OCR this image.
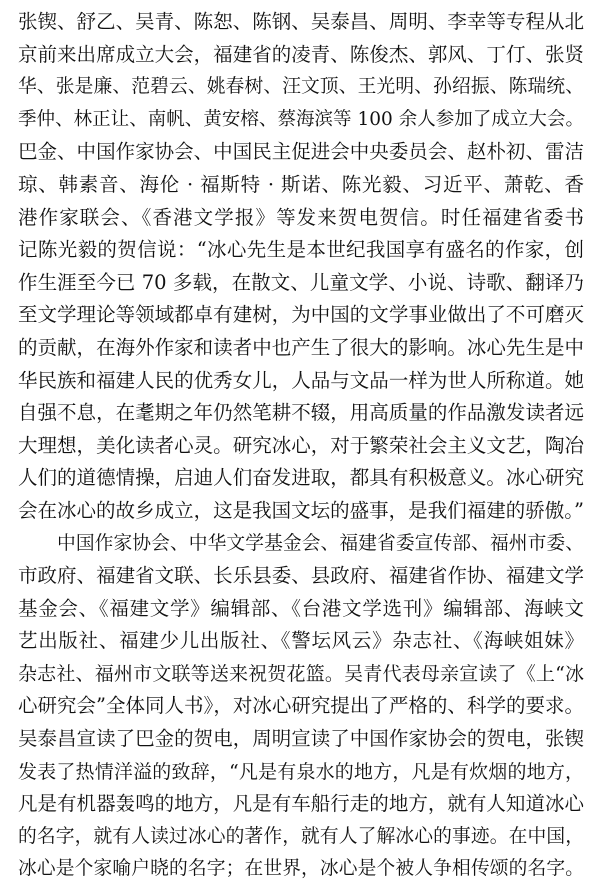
张锲、舒乙、吴青、陈恕、陈钢、吴泰昌、周明、李幸等专程从北
京前来出席成立大会，福建省的凌青、陈俊杰、郭风、丁仃、张贤
华、张是廉、范碧云、姚春树、汪文顶、王光明、孙绍振、陈瑞统、
季仲、林正让、南帆、黄安榕、蔡海滨等 100 余人参加了成立大会。
巴金、中国作家协会、中国民主促进会中央委员会、赵朴初、雷洁
琼、韩素音、海伦 · 福斯特 · 斯诺、陈光毅、习近平、萧乾、香
港作家联会、《香港文学报》等发来贺电贺信。时任福建省委书
记陈光毅的贺信说：“冰心先生是本世纪我国享有盛名的作家，创
作生涯至今已 70 多载，在散文、儿童文学、小说、诗歌、翻译乃
至文学理论等领域都卓有建树，为中国的文学事业做出了不可磨灭
的贡献，在海外作家和读者中也产生了很大的影响。冰心先生是中
华民族和福建人民的优秀女儿，人品与文品一样为世人所称道。她
自强不息，在耄期之年仍然笔耕不辍，用高质量的作品激发读者远
大理想，美化读者心灵。研究冰心，对于繁荣社会主义文艺，陶冶
人们的道德情操，启迪人们奋发进取，都具有积极意义。冰心研究
会在冰心的故乡成立，这是我国文坛的盛事，是我们福建的骄傲。”
中国作家协会、中华文学基金会、福建省委宣传部、福州市委、
市政府、福建省文联、长乐县委、县政府、福建省作协、福建文学
基金会、《福建文学》编辑部、《台港文学选刊》编辑部、海峡文
艺出版社、福建少儿出版社、《警坛风云》杂志社、《海峡姐妹》
杂志社、福州市文联等送来祝贺花篮。吴青代表母亲宣读了《上“冰
心研究会”全体同人书》，对冰心研究提出了严格的、科学的要求。
吴泰昌宣读了巴金的贺电，周明宣读了中国作家协会的贺电，张锲
发表了热情洋溢的致辞，“凡是有泉水的地方，凡是有炊烟的地方，
凡是有机器轰鸣的地方，凡是有车船行走的地方，就有人知道冰心
的名字，就有人读过冰心的著作，就有人了解冰心的事迹。在中国，
冰心是个家喻户晓的名字；在世界，冰心是个被人争相传颂的名字。
